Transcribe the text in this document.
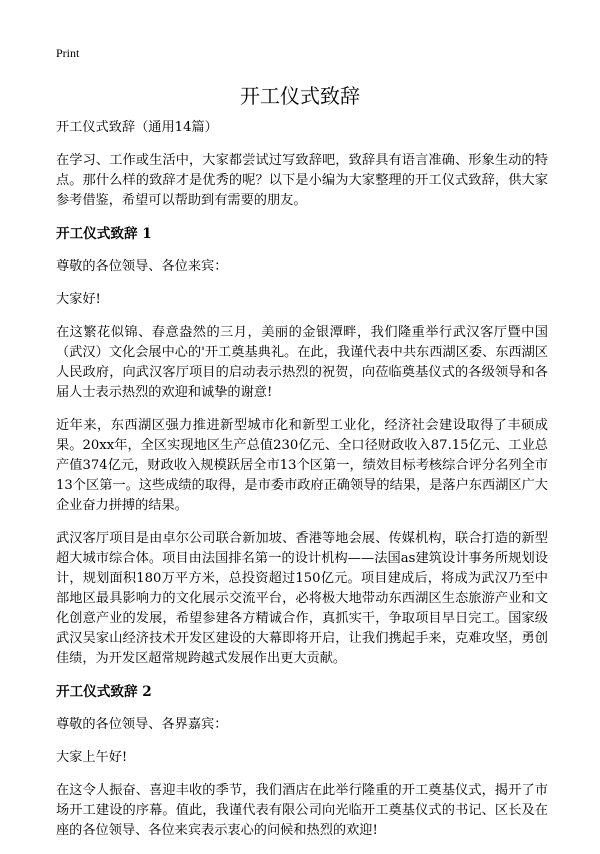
Print
开工仪式致辞

开工仪式致辞（通用14篇）

在学习、工作或生活中，大家都尝试过写致辞吧，致辞具有语言准确、形象生动的特点。那什么样的致辞才是优秀的呢？以下是小编为大家整理的开工仪式致辞，供大家参考借鉴，希望可以帮助到有需要的朋友。

开工仪式致辞 1

尊敬的各位领导、各位来宾：

大家好!

在这繁花似锦、春意盎然的三月，美丽的金银潭畔，我们隆重举行武汉客厅暨中国（武汉）文化会展中心的'开工奠基典礼。在此，我谨代表中共东西湖区委、东西湖区人民政府，向武汉客厅项目的启动表示热烈的祝贺，向莅临奠基仪式的各级领导和各届人士表示热烈的欢迎和诚挚的谢意!

近年来，东西湖区强力推进新型城市化和新型工业化，经济社会建设取得了丰硕成果。20xx年，全区实现地区生产总值230亿元、全口径财政收入87.15亿元、工业总产值374亿元，财政收入规模跃居全市13个区第一，绩效目标考核综合评分名列全市13个区第一。这些成绩的取得，是市委市政府正确领导的结果，是落户东西湖区广大企业奋力拼搏的结果。

武汉客厅项目是由卓尔公司联合新加坡、香港等地会展、传媒机构，联合打造的新型超大城市综合体。项目由法国排名第一的设计机构——法国as建筑设计事务所规划设计，规划面积180万平方米，总投资超过150亿元。项目建成后，将成为武汉乃至中部地区最具影响力的文化展示交流平台，必将极大地带动东西湖区生态旅游产业和文化创意产业的发展，希望参建各方精诚合作，真抓实干，争取项目早日完工。国家级武汉吴家山经济技术开发区建设的大幕即将开启，让我们携起手来，克难攻坚，勇创佳绩，为开发区超常规跨越式发展作出更大贡献。

开工仪式致辞 2

尊敬的各位领导、各界嘉宾：

大家上午好!

在这令人振奋、喜迎丰收的季节，我们酒店在此举行隆重的开工奠基仪式，揭开了市场开工建设的序幕。值此，我谨代表有限公司向光临开工奠基仪式的书记、区长及在座的各位领导、各位来宾表示衷心的问候和热烈的欢迎!
